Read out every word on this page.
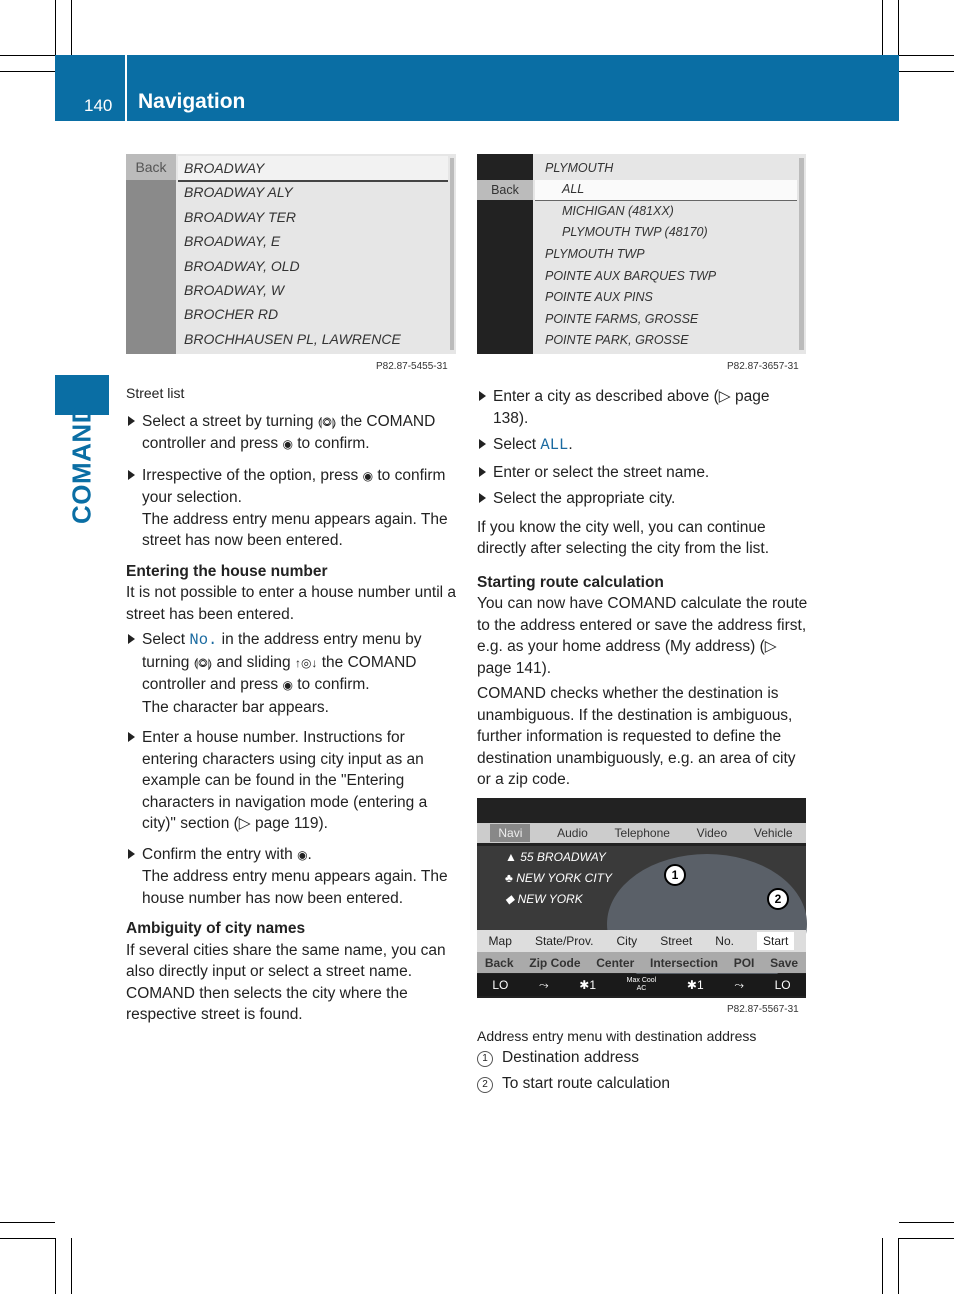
140 Navigation
COMAND
Back	BROADWAY
BROADWAY ALY
BROADWAY TER
BROADWAY, E
BROADWAY, OLD
BROADWAY, W
BROCHER RD
BROCHHAUSEN PL, LAWRENCE
P82.87-5455-31
Back
PLYMOUTH
ALL
MICHIGAN (481XX)
PLYMOUTH TWP (48170)
PLYMOUTH TWP
POINTE AUX BARQUES TWP
POINTE AUX PINS
POINTE FARMS, GROSSE
POINTE PARK, GROSSE
P82.87-3657-31

Street list

Select a street by turning ⟬◎⟭ the COMAND controller and press ◉ to confirm.
Irrespective of the option, press ◉ to confirm your selection.
The address entry menu appears again. The street has now been entered.

Entering the house number

It is not possible to enter a house number until a street has been entered.

Select No. in the address entry menu by turning ⟬◎⟭ and sliding ↑◎↓ the COMAND controller and press ◉ to confirm.
The character bar appears.
Enter a house number. Instructions for entering characters using city input as an example can be found in the "Entering characters in navigation mode (entering a city)" section (▷ page 119).
Confirm the entry with ◉.
The address entry menu appears again. The house number has now been entered.

Ambiguity of city names

If several cities share the same name, you can also directly input or select a street name. COMAND then selects the city where the respective street is found.

Enter a city as described above (▷ page 138).
Select ALL.
Enter or select the street name.
Select the appropriate city.

If you know the city well, you can continue directly after selecting the city from the list.

Starting route calculation

You can now have COMAND calculate the route to the address entered or save the address first, e.g. as your home address (My address) (▷ page 141).

COMAND checks whether the destination is unambiguous. If the destination is ambiguous, further information is requested to define the destination unambiguously, e.g. an area of city or a zip code.

Navi	Audio Telephone Video Vehicle
▲ 55 BROADWAY
♣ NEW YORK CITY
◆ NEW YORK
1
2
Map State/Prov. City Street No.	Start
Back Zip Code Center Intersection POI Save
LO	⤳	✱1	Max Cool
AC	✱1	⤳	LO
P82.87-5567-31
Address entry menu with destination address
1 Destination address
2 To start route calculation
